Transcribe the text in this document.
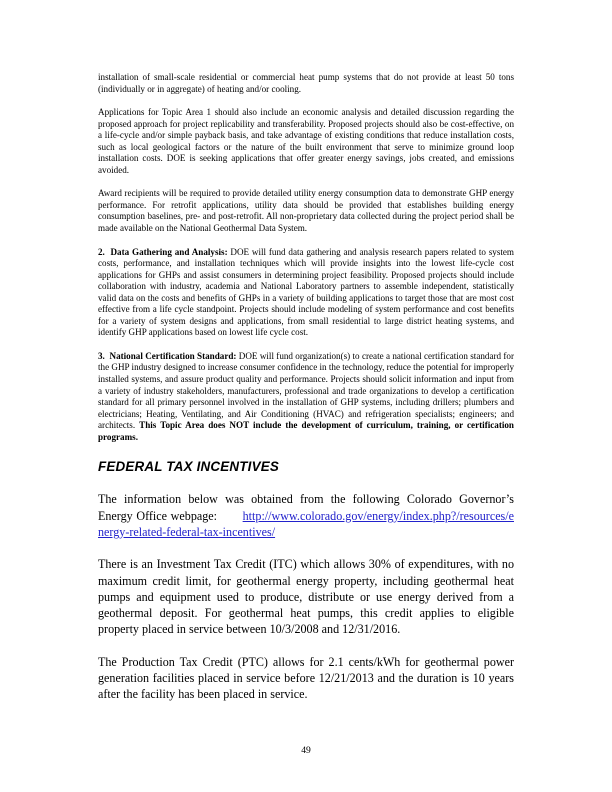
installation of small-scale residential or commercial heat pump systems that do not provide at least 50 tons (individually or in aggregate) of heating and/or cooling.

Applications for Topic Area 1 should also include an economic analysis and detailed discussion regarding the proposed approach for project replicability and transferability. Proposed projects should also be cost-effective, on a life-cycle and/or simple payback basis, and take advantage of existing conditions that reduce installation costs, such as local geological factors or the nature of the built environment that serve to minimize ground loop installation costs. DOE is seeking applications that offer greater energy savings, jobs created, and emissions avoided.

Award recipients will be required to provide detailed utility energy consumption data to demonstrate GHP energy performance. For retrofit applications, utility data should be provided that establishes building energy consumption baselines, pre- and post-retrofit. All non-proprietary data collected during the project period shall be made available on the National Geothermal Data System.

2. Data Gathering and Analysis: DOE will fund data gathering and analysis research papers related to system costs, performance, and installation techniques which will provide insights into the lowest life-cycle cost applications for GHPs and assist consumers in determining project feasibility. Proposed projects should include collaboration with industry, academia and National Laboratory partners to assemble independent, statistically valid data on the costs and benefits of GHPs in a variety of building applications to target those that are most cost effective from a life cycle standpoint. Projects should include modeling of system performance and cost benefits for a variety of system designs and applications, from small residential to large district heating systems, and identify GHP applications based on lowest life cycle cost.

3. National Certification Standard: DOE will fund organization(s) to create a national certification standard for the GHP industry designed to increase consumer confidence in the technology, reduce the potential for improperly installed systems, and assure product quality and performance. Projects should solicit information and input from a variety of industry stakeholders, manufacturers, professional and trade organizations to develop a certification standard for all primary personnel involved in the installation of GHP systems, including drillers; plumbers and electricians; Heating, Ventilating, and Air Conditioning (HVAC) and refrigeration specialists; engineers; and architects. This Topic Area does NOT include the development of curriculum, training, or certification programs.

FEDERAL TAX INCENTIVES

The information below was obtained from the following Colorado Governor’s Energy Office webpage: http://www.colorado.gov/energy/index.php?/resources/energy-related-federal-tax-incentives/

There is an Investment Tax Credit (ITC) which allows 30% of expenditures, with no maximum credit limit, for geothermal energy property, including geothermal heat pumps and equipment used to produce, distribute or use energy derived from a geothermal deposit. For geothermal heat pumps, this credit applies to eligible property placed in service between 10/3/2008 and 12/31/2016.

The Production Tax Credit (PTC) allows for 2.1 cents/kWh for geothermal power generation facilities placed in service before 12/21/2013 and the duration is 10 years after the facility has been placed in service.

49
